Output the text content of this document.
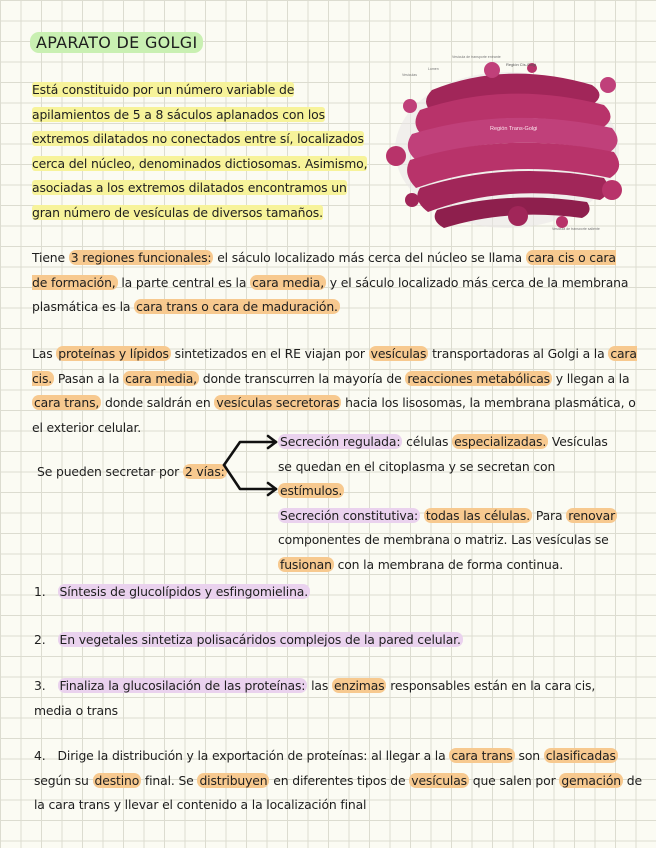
APARATO DE GOLGI
Está constituido por un número variable de
apilamientos de 5 a 8 sáculos aplanados con los
extremos dilatados no conectados entre sí, localizados
cerca del núcleo, denominados dictiosomas. Asimismo,
asociadas a los extremos dilatados encontramos un
gran número de vesículas de diversos tamaños.
Región Trans-Golgi
Región Cis-Golgi
Vesícula de transporte entrante
Lumen
Vesículas
Vesícula de transporte saliente
Tiene 3 regiones funcionales: el sáculo localizado más cerca del núcleo se llama cara cis o cara de formación, la parte central es la cara media, y el sáculo localizado más cerca de la membrana plasmática es la cara trans o cara de maduración.
Las proteínas y lípidos sintetizados en el RE viajan por vesículas transportadoras al Golgi a la cara cis. Pasan a la cara media, donde transcurren la mayoría de reacciones metabólicas y llegan a la cara trans, donde saldrán en vesículas secretoras hacia los lisosomas, la membrana plasmática, o el exterior celular.
Se pueden secretar por 2 vías:
Secreción regulada: células especializadas. Vesículas se quedan en el citoplasma y se secretan con estímulos.
Secreción constitutiva: todas las células. Para renovar componentes de membrana o matriz. Las vesículas se fusionan con la membrana de forma continua.
1. Síntesis de glucolípidos y esfingomielina.
2. En vegetales sintetiza polisacáridos complejos de la pared celular.
3. Finaliza la glucosilación de las proteínas: las enzimas responsables están en la cara cis, media o trans
4. Dirige la distribución y la exportación de proteínas: al llegar a la cara trans son clasificadas según su destino final. Se distribuyen en diferentes tipos de vesículas que salen por gemación de la cara trans y llevar el contenido a la localización final
